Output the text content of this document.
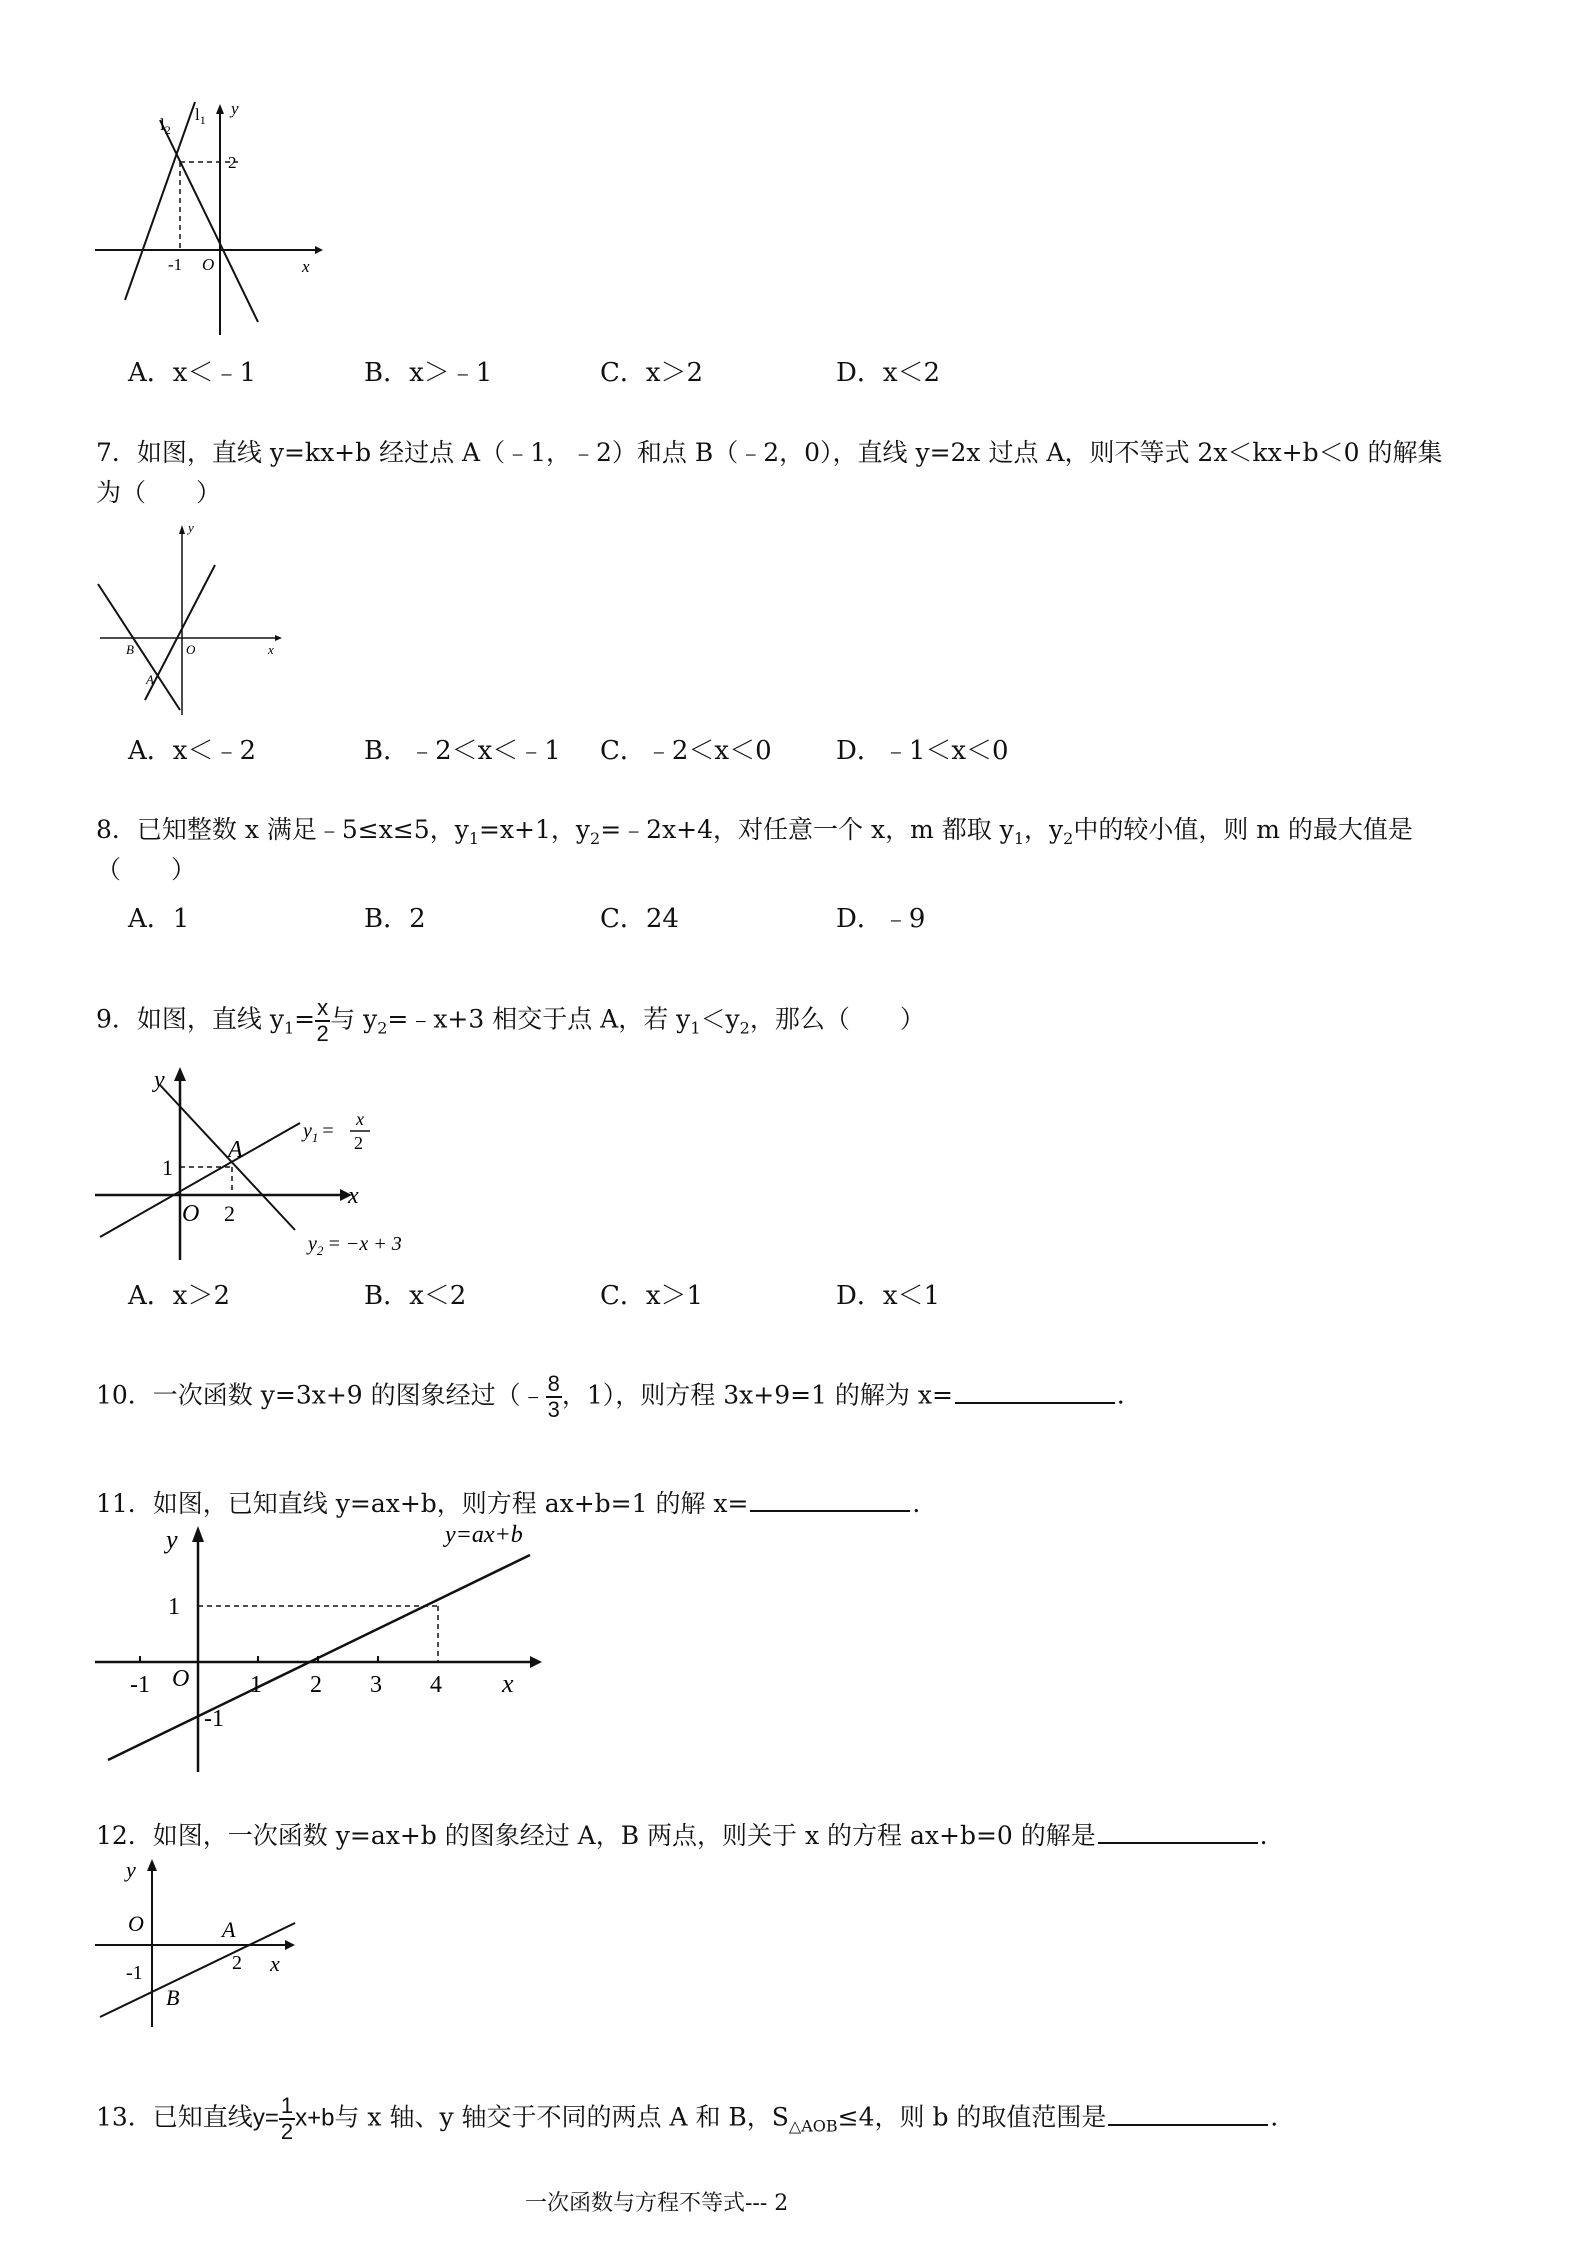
$l_2$
$l_1$
y
x
2
-1 O
A．x＜﹣1	B．x＞﹣1	C．x＞2	D．x＜2
7．如图，直线 y=kx+b 经过点 A（﹣1，﹣2）和点 B（﹣2，0），直线 y=2x 过点 A，则不等式 2x＜kx+b＜0 的解集
为（　　）
y
x
B	O
A
A．x＜﹣2	B．﹣2＜x＜﹣1 C．﹣2＜x＜0 D．﹣1＜x＜0
8．已知整数 x 满足﹣5≤x≤5，$y_1=x+1$，$y_2=﹣2x+4$，对任意一个 x，m 都取 $y_1$，$y_2$中的较小值，则 m 的最大值是
（　　）
A．1	B．2	C．24	D．﹣9
9．如图，直线 $y_1= \frac{x}{2}$ 与 $y_2=﹣x+3$ 相交于点 A，若 $y_1<y_2$，那么（　　）
y
x
A
1
O 2
$y_1$ =
x
2
$y_2 = -x + 3$
A．x＞2	B．x＜2	C．x＞1	D．x＜1
10．一次函数 y=3x+9 的图象经过（﹣ $\frac{8}{3}$ ，1），则方程 3x+9=1 的解为 x=	．
11．如图，已知直线 y=ax+b，则方程 ax+b=1 的解 x=	．
y
x
y=ax+b
1
-1 O	1 2 3 4
-1
12．如图，一次函数 y=ax+b 的图象经过 A，B 两点，则关于 x 的方程 ax+b=0 的解是	．
y
O	A
-1	2 x
B
13．已知直线$y= \frac{1}{2} x+b$与 x 轴、y 轴交于不同的两点 A 和 B，$S_{\triangle AOB}\le 4$，则 b 的取值范围是	．
一次函数与方程不等式--- 2
